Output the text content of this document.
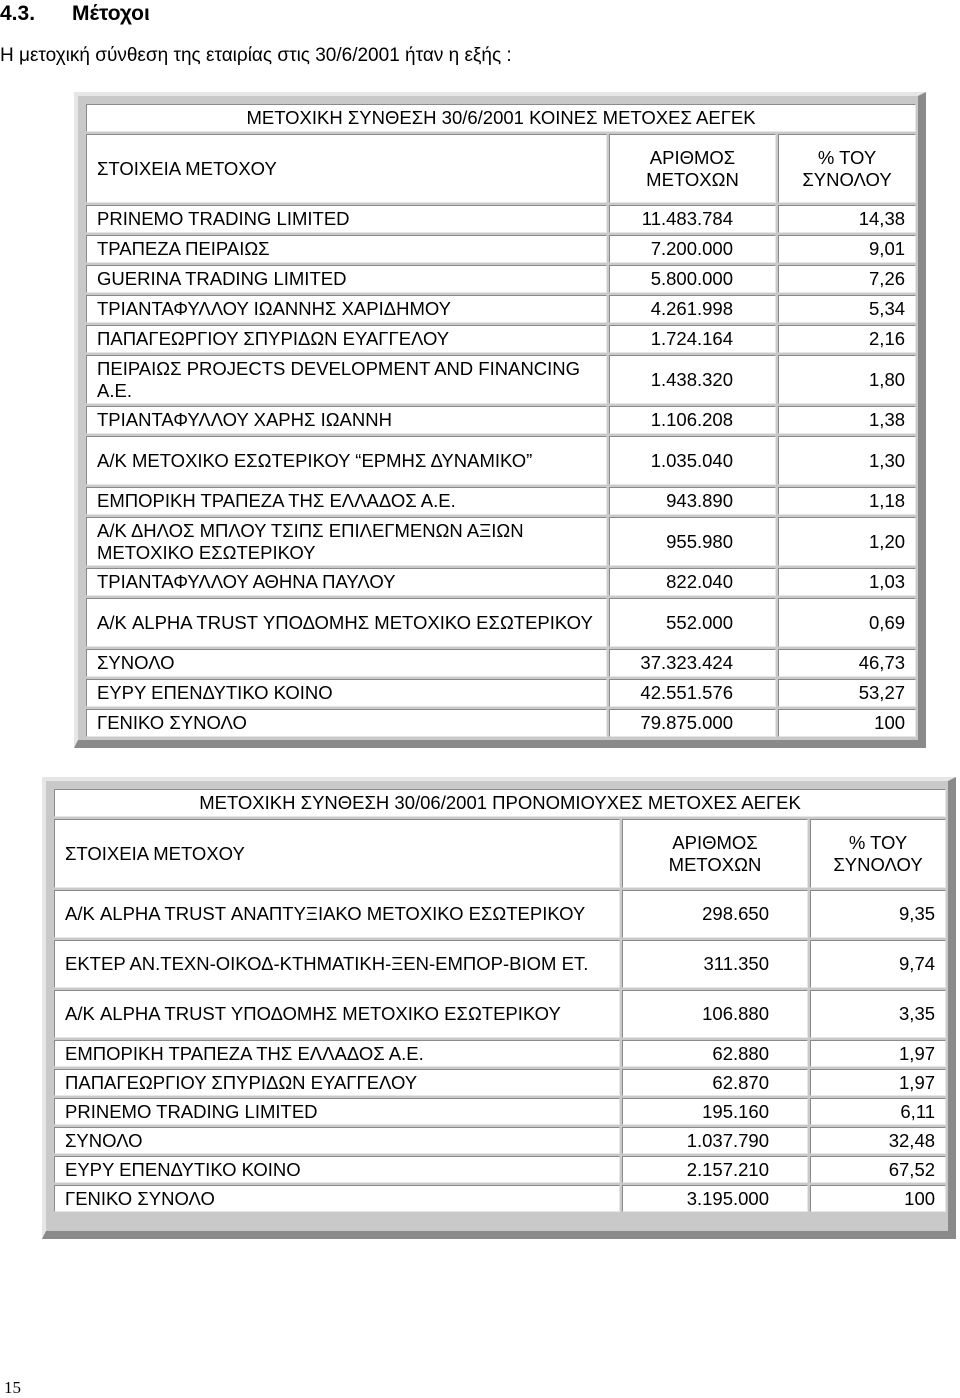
4.3. Μέτοχοι
Η μετοχική σύνθεση της εταιρίας στις 30/6/2001 ήταν η εξής :
ΜΕΤΟΧΙΚΗ ΣΥΝΘΕΣΗ 30/6/2001 ΚΟΙΝΕΣ ΜΕΤΟΧΕΣ ΑΕΓΕΚ		
ΣΤΟΙΧΕΙΑ ΜΕΤΟΧΟΥ	ΑΡΙΘΜΟΣ ΜΕΤΟΧΩΝ	% ΤΟΥ ΣΥΝΟΛΟΥ
PRINEMO TRADING LIMITED	11.483.784	14,38
ΤΡΑΠΕΖΑ ΠΕΙΡΑΙΩΣ	7.200.000	9,01
GUERINA TRADING LIMITED	5.800.000	7,26
ΤΡΙΑΝΤΑΦΥΛΛΟΥ ΙΩΑΝΝΗΣ ΧΑΡΙΔΗΜΟΥ	4.261.998	5,34
ΠΑΠΑΓΕΩΡΓΙΟΥ ΣΠΥΡΙΔΩΝ ΕΥΑΓΓΕΛΟΥ	1.724.164	2,16
ΠΕΙΡΑΙΩΣ PROJECTS DEVELOPMENT AND FINANCING Α.Ε.	1.438.320	1,80
ΤΡΙΑΝΤΑΦΥΛΛΟΥ ΧΑΡΗΣ ΙΩΑΝΝΗ	1.106.208	1,38
Α/Κ ΜΕΤΟΧΙΚΟ ΕΣΩΤΕΡΙΚΟΥ “ΕΡΜΗΣ ΔΥΝΑΜΙΚΟ”	1.035.040	1,30
ΕΜΠΟΡΙΚΗ ΤΡΑΠΕΖΑ ΤΗΣ ΕΛΛΑΔΟΣ Α.Ε.	943.890	1,18
Α/Κ ΔΗΛΟΣ ΜΠΛΟΥ ΤΣΙΠΣ ΕΠΙΛΕΓΜΕΝΩΝ ΑΞΙΩΝ ΜΕΤΟΧΙΚΟ ΕΣΩΤΕΡΙΚΟΥ	955.980	1,20
ΤΡΙΑΝΤΑΦΥΛΛΟΥ ΑΘΗΝΑ ΠΑΥΛΟΥ	822.040	1,03
Α/Κ ALPHA TRUST ΥΠΟΔΟΜΗΣ ΜΕΤΟΧΙΚΟ ΕΣΩΤΕΡΙΚΟΥ	552.000	0,69
ΣΥΝΟΛΟ	37.323.424	46,73
ΕΥΡΥ ΕΠΕΝΔΥΤΙΚΟ ΚΟΙΝΟ	42.551.576	53,27
ΓΕΝΙΚΟ ΣΥΝΟΛΟ	79.875.000	100
ΜΕΤΟΧΙΚΗ ΣΥΝΘΕΣΗ 30/06/2001 ΠΡΟΝΟΜΙΟΥΧΕΣ ΜΕΤΟΧΕΣ ΑΕΓΕΚ		
ΣΤΟΙΧΕΙΑ ΜΕΤΟΧΟΥ	ΑΡΙΘΜΟΣ ΜΕΤΟΧΩΝ	% ΤΟΥ ΣΥΝΟΛΟΥ
Α/Κ ALPHA TRUST ΑΝΑΠΤΥΞΙΑΚΟ ΜΕΤΟΧΙΚΟ ΕΣΩΤΕΡΙΚΟΥ	298.650	9,35
ΕΚΤΕΡ ΑΝ.ΤΕΧΝ-ΟΙΚΟΔ-ΚΤΗΜΑΤΙΚΗ-ΞΕΝ-ΕΜΠΟΡ-ΒΙΟΜ ΕΤ.	311.350	9,74
Α/Κ ALPHA TRUST ΥΠΟΔΟΜΗΣ ΜΕΤΟΧΙΚΟ ΕΣΩΤΕΡΙΚΟΥ	106.880	3,35
ΕΜΠΟΡΙΚΗ ΤΡΑΠΕΖΑ ΤΗΣ ΕΛΛΑΔΟΣ Α.Ε.	62.880	1,97
ΠΑΠΑΓΕΩΡΓΙΟΥ ΣΠΥΡΙΔΩΝ ΕΥΑΓΓΕΛΟΥ	62.870	1,97
PRINEMO TRADING LIMITED	195.160	6,11
ΣΥΝΟΛΟ	1.037.790	32,48
ΕΥΡΥ ΕΠΕΝΔΥΤΙΚΟ ΚΟΙΝΟ	2.157.210	67,52
ΓΕΝΙΚΟ ΣΥΝΟΛΟ	3.195.000	100
15
